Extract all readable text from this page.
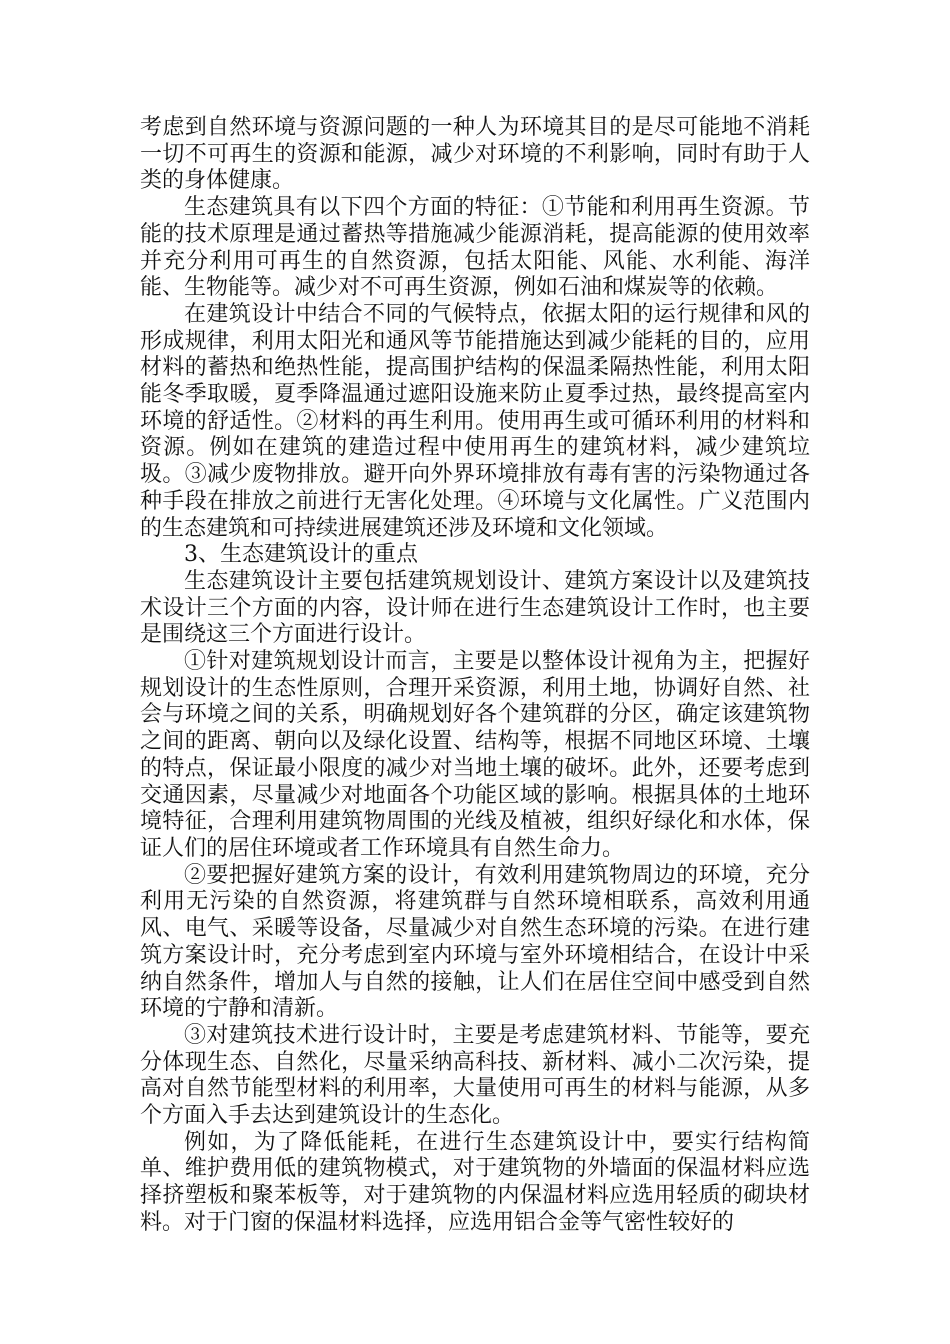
考虑到自然环境与资源问题的一种人为环境其目的是尽可能地不消耗一切不可再生的资源和能源，减少对环境的不利影响，同时有助于人类的身体健康。

生态建筑具有以下四个方面的特征：①节能和利用再生资源。节能的技术原理是通过蓄热等措施减少能源消耗，提高能源的使用效率并充分利用可再生的自然资源，包括太阳能、风能、水利能、海洋能、生物能等。减少对不可再生资源，例如石油和煤炭等的依赖。

在建筑设计中结合不同的气候特点，依据太阳的运行规律和风的形成规律，利用太阳光和通风等节能措施达到减少能耗的目的，应用材料的蓄热和绝热性能，提高围护结构的保温柔隔热性能，利用太阳能冬季取暖，夏季降温通过遮阳设施来防止夏季过热，最终提高室内环境的舒适性。②材料的再生利用。使用再生或可循环利用的材料和资源。例如在建筑的建造过程中使用再生的建筑材料，减少建筑垃圾。③减少废物排放。避开向外界环境排放有毒有害的污染物通过各种手段在排放之前进行无害化处理。④环境与文化属性。广义范围内的生态建筑和可持续进展建筑还涉及环境和文化领域。

3、生态建筑设计的重点

生态建筑设计主要包括建筑规划设计、建筑方案设计以及建筑技术设计三个方面的内容，设计师在进行生态建筑设计工作时，也主要是围绕这三个方面进行设计。

①针对建筑规划设计而言，主要是以整体设计视角为主，把握好规划设计的生态性原则，合理开采资源，利用土地，协调好自然、社会与环境之间的关系，明确规划好各个建筑群的分区，确定该建筑物之间的距离、朝向以及绿化设置、结构等，根据不同地区环境、土壤的特点，保证最小限度的减少对当地土壤的破坏。此外，还要考虑到交通因素，尽量减少对地面各个功能区域的影响。根据具体的土地环境特征，合理利用建筑物周围的光线及植被，组织好绿化和水体，保证人们的居住环境或者工作环境具有自然生命力。

②要把握好建筑方案的设计，有效利用建筑物周边的环境，充分利用无污染的自然资源，将建筑群与自然环境相联系，高效利用通风、电气、采暖等设备，尽量减少对自然生态环境的污染。在进行建筑方案设计时，充分考虑到室内环境与室外环境相结合，在设计中采纳自然条件，增加人与自然的接触，让人们在居住空间中感受到自然环境的宁静和清新。

③对建筑技术进行设计时，主要是考虑建筑材料、节能等，要充分体现生态、自然化，尽量采纳高科技、新材料、减小二次污染，提高对自然节能型材料的利用率，大量使用可再生的材料与能源，从多个方面入手去达到建筑设计的生态化。

例如，为了降低能耗，在进行生态建筑设计中，要实行结构简单、维护费用低的建筑物模式，对于建筑物的外墙面的保温材料应选择挤塑板和聚苯板等，对于建筑物的内保温材料应选用轻质的砌块材料。对于门窗的保温材料选择，应选用铝合金等气密性较好的
